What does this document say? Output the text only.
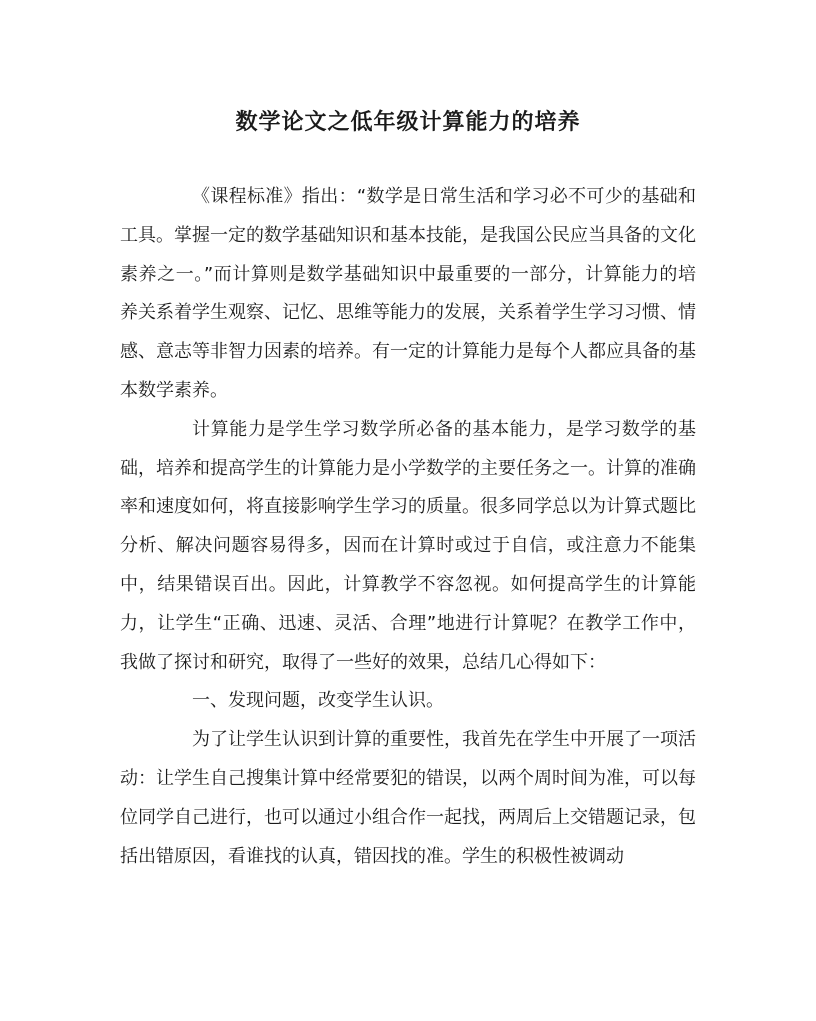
数学论文之低年级计算能力的培养

《课程标准》指出：“数学是日常生活和学习必不可少的基础和工具。掌握一定的数学基础知识和基本技能，是我国公民应当具备的文化素养之一。”而计算则是数学基础知识中最重要的一部分，计算能力的培养关系着学生观察、记忆、思维等能力的发展，关系着学生学习习惯、情感、意志等非智力因素的培养。有一定的计算能力是每个人都应具备的基本数学素养。

计算能力是学生学习数学所必备的基本能力，是学习数学的基础，培养和提高学生的计算能力是小学数学的主要任务之一。计算的准确率和速度如何，将直接影响学生学习的质量。很多同学总以为计算式题比分析、解决问题容易得多，因而在计算时或过于自信，或注意力不能集中，结果错误百出。因此，计算教学不容忽视。如何提高学生的计算能力，让学生“正确、迅速、灵活、合理”地进行计算呢？在教学工作中，我做了探讨和研究，取得了一些好的效果，总结几心得如下：

一、发现问题，改变学生认识。

为了让学生认识到计算的重要性，我首先在学生中开展了一项活动：让学生自己搜集计算中经常要犯的错误，以两个周时间为准，可以每位同学自己进行，也可以通过小组合作一起找，两周后上交错题记录，包括出错原因，看谁找的认真，错因找的准。学生的积极性被调动
